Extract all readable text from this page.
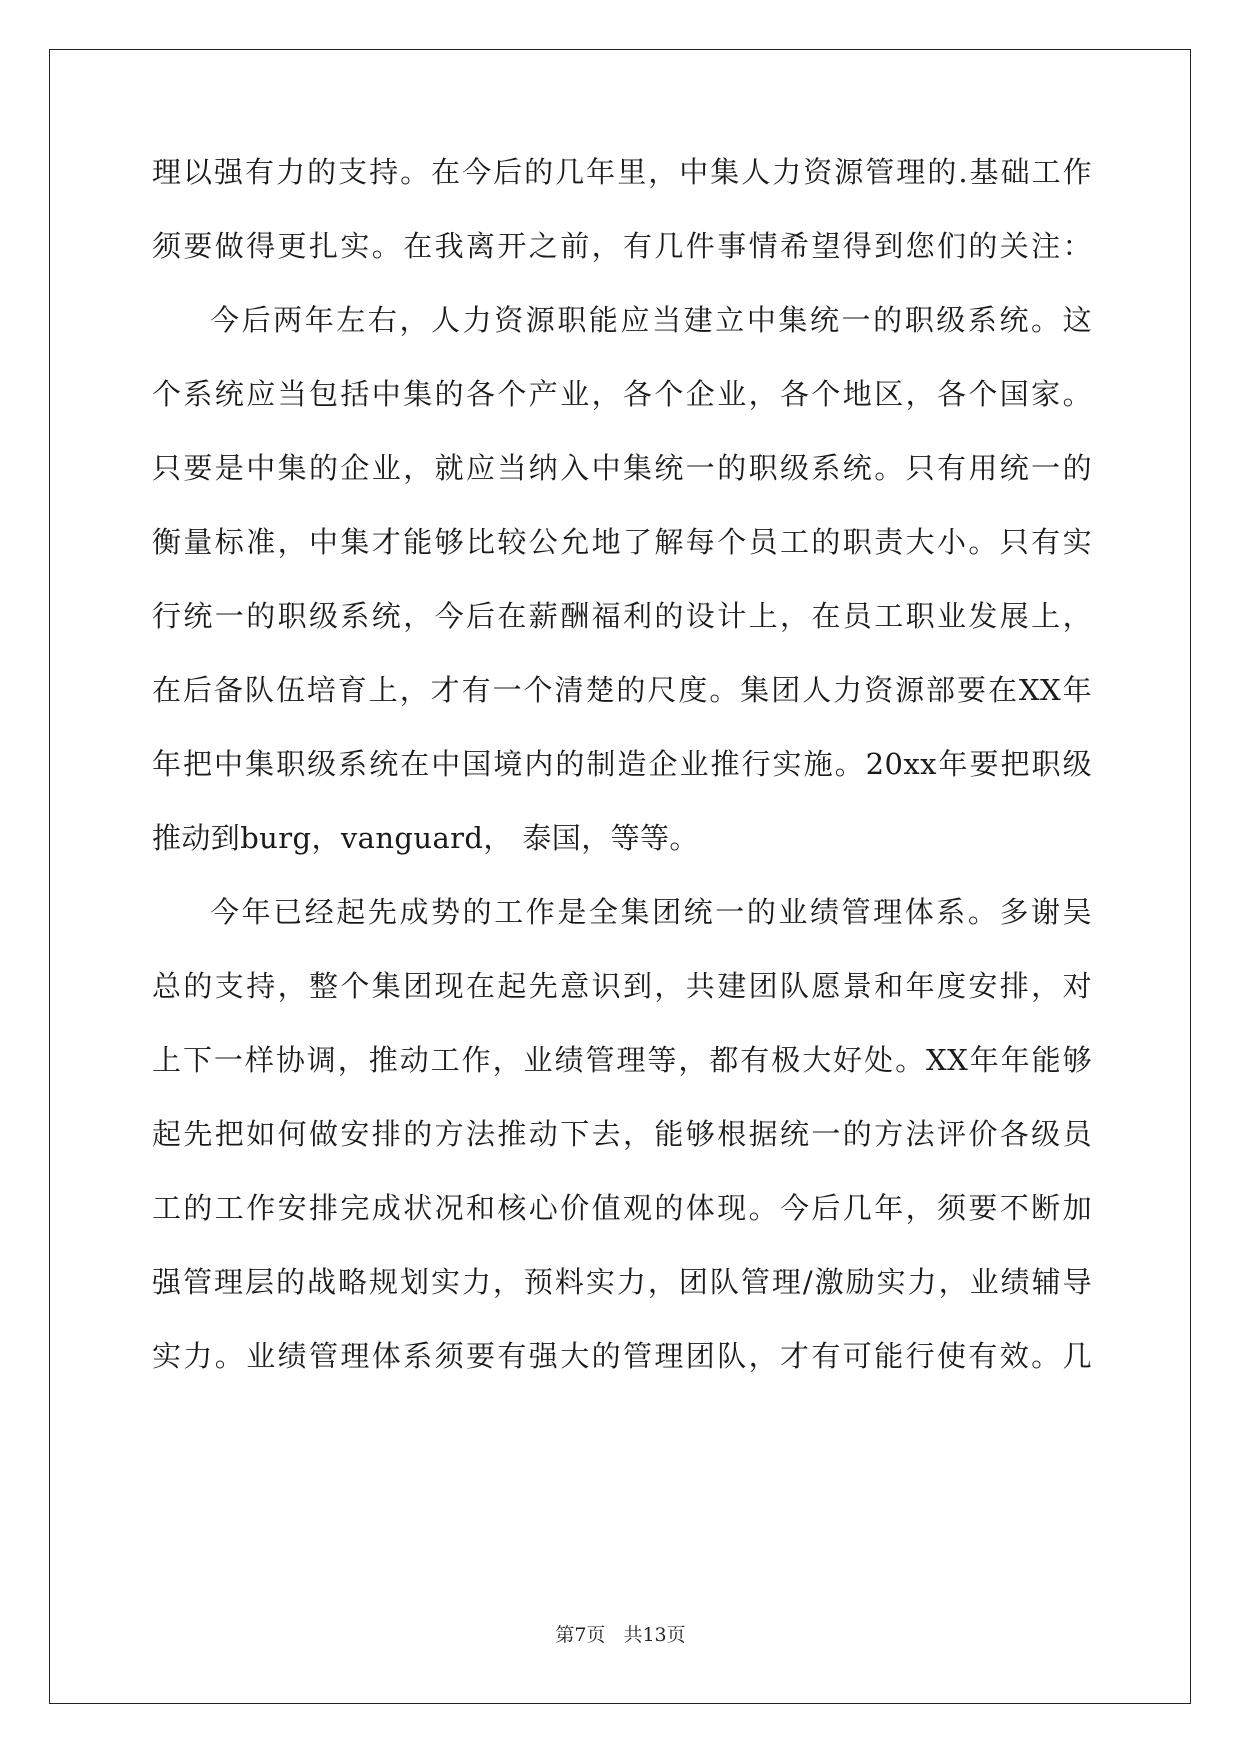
理以强有力的支持。在今后的几年里，中集人力资源管理的.基础工作
须要做得更扎实。在我离开之前，有几件事情希望得到您们的关注：
今后两年左右，人力资源职能应当建立中集统一的职级系统。这
个系统应当包括中集的各个产业，各个企业，各个地区，各个国家。
只要是中集的企业，就应当纳入中集统一的职级系统。只有用统一的
衡量标准，中集才能够比较公允地了解每个员工的职责大小。只有实
行统一的职级系统，今后在薪酬福利的设计上，在员工职业发展上，
在后备队伍培育上，才有一个清楚的尺度。集团人力资源部要在XX年
年把中集职级系统在中国境内的制造企业推行实施。20xx年要把职级
推动到burg，vanguard， 泰国，等等。
今年已经起先成势的工作是全集团统一的业绩管理体系。多谢吴
总的支持，整个集团现在起先意识到，共建团队愿景和年度安排，对
上下一样协调，推动工作，业绩管理等，都有极大好处。XX年年能够
起先把如何做安排的方法推动下去，能够根据统一的方法评价各级员
工的工作安排完成状况和核心价值观的体现。今后几年，须要不断加
强管理层的战略规划实力，预料实力，团队管理/激励实力，业绩辅导
实力。业绩管理体系须要有强大的管理团队，才有可能行使有效。几
第7页 共13页
